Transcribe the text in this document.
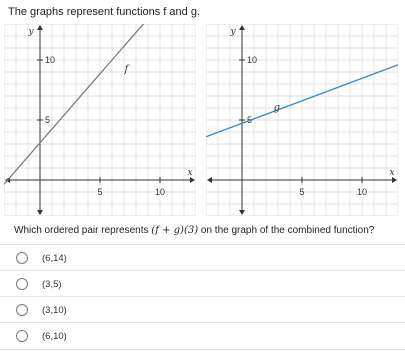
The graphs represent functions f and g.
5	10
5
10
x
y
f
5	10
5
10
x
y
g
Which ordered pair represents (f + g)(3) on the graph of the combined function?
(6,14)
(3,5)
(3,10)
(6,10)
